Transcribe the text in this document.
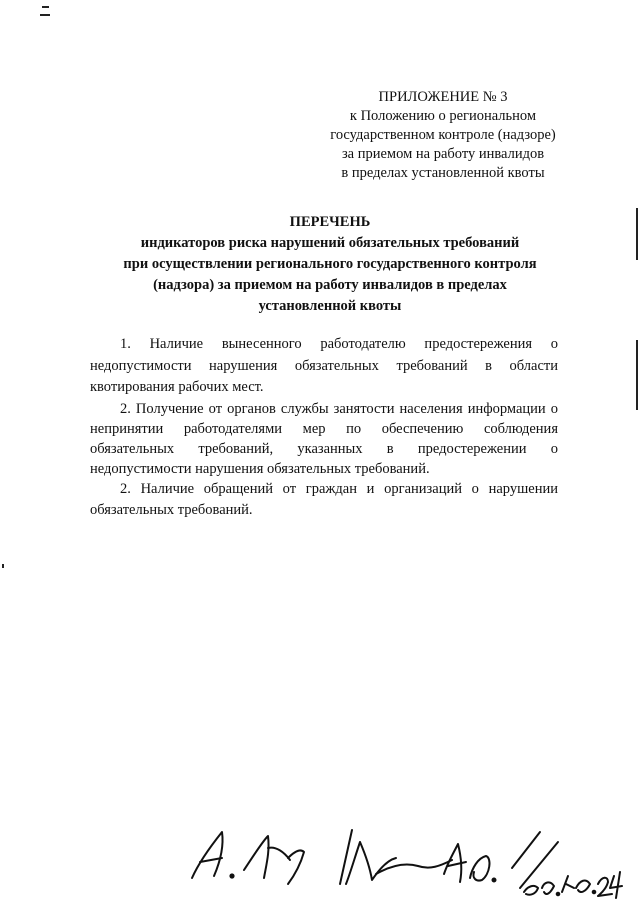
ПРИЛОЖЕНИЕ № 3
к Положению о региональном
государственном контроле (надзоре)
за приемом на работу инвалидов
в пределах установленной квоты
ПЕРЕЧЕНЬ
индикаторов риска нарушений обязательных требований
при осуществлении регионального государственного контроля
(надзора) за приемом на работу инвалидов в пределах
установленной квоты

1. Наличие вынесенного работодателю предостережения о недопустимости нарушения обязательных требований в области квотирования рабочих мест.

2. Получение от органов службы занятости населения информации о непринятии работодателями мер по обеспечению соблюдения обязательных требований, указанных в предостережении о недопустимости нарушения обязательных требований.

2. Наличие обращений от граждан и организаций о нарушении обязательных требований.
